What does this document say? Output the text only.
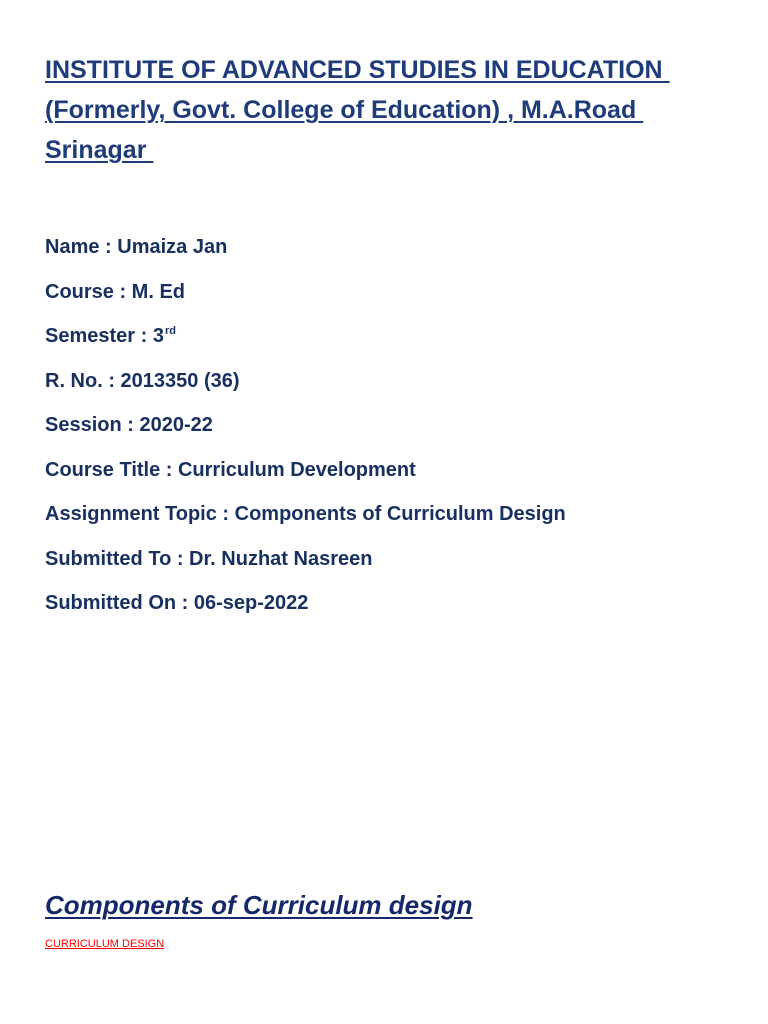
INSTITUTE OF ADVANCED STUDIES IN EDUCATION
(Formerly, Govt. College of Education) , M.A.Road
Srinagar
Name : Umaiza Jan
Course : M. Ed
Semester : 3rd
R. No. : 2013350 (36)
Session : 2020-22
Course Title : Curriculum Development
Assignment Topic : Components of Curriculum Design
Submitted To : Dr. Nuzhat Nasreen
Submitted On : 06-sep-2022
Components of Curriculum design
CURRICULUM DESIGN
